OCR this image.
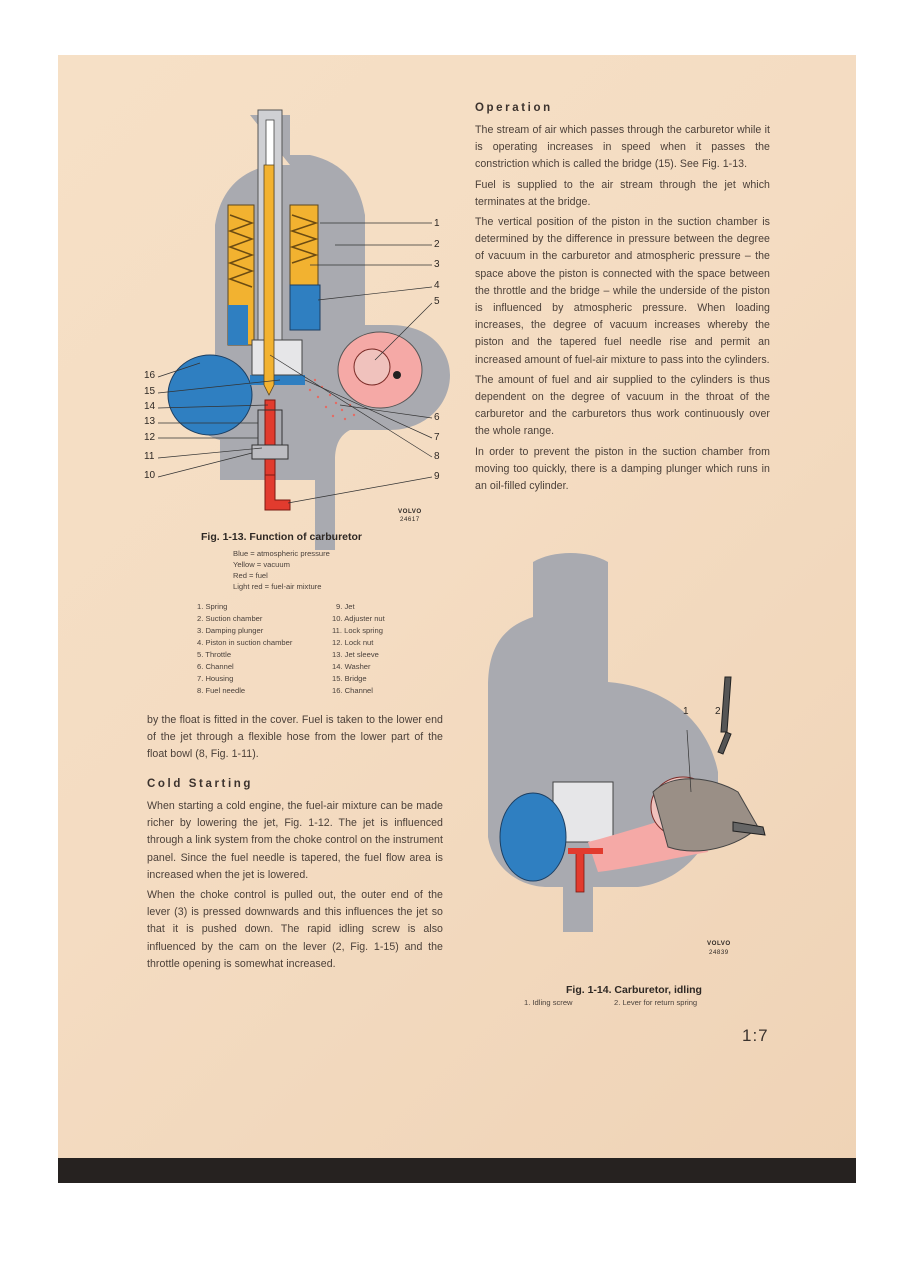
1
2
3
4
5
6
7
8
9
16
15
14
13
12
11
10
VOLVO
24617
Fig. 1-13. Function of carburetor
Blue = atmospheric pressure
Yellow = vacuum
Red = fuel
Light red = fuel-air mixture
1. Spring
2. Suction chamber
3. Damping plunger
4. Piston in suction chamber
5. Throttle
6. Channel
7. Housing
8. Fuel needle
9. Jet
10. Adjuster nut
11. Lock spring
12. Lock nut
13. Jet sleeve
14. Washer
15. Bridge
16. Channel

by the float is fitted in the cover. Fuel is taken to the lower end of the jet through a flexible hose from the lower part of the float bowl (8, Fig. 1-11).

Cold Starting

When starting a cold engine, the fuel-air mixture can be made richer by lowering the jet, Fig. 1-12. The jet is influenced through a link system from the choke control on the instrument panel. Since the fuel needle is tapered, the fuel flow area is increased when the jet is lowered.

When the choke control is pulled out, the outer end of the lever (3) is pressed downwards and this influences the jet so that it is pushed down. The rapid idling screw is also influenced by the cam on the lever (2, Fig. 1-15) and the throttle opening is somewhat increased.

Operation

The stream of air which passes through the carburetor while it is operating increases in speed when it passes the constriction which is called the bridge (15). See Fig. 1-13.

Fuel is supplied to the air stream through the jet which terminates at the bridge.

The vertical position of the piston in the suction chamber is determined by the difference in pressure between the degree of vacuum in the carburetor and atmospheric pressure – the space above the piston is connected with the space between the throttle and the bridge – while the underside of the piston is influenced by atmospheric pressure. When loading increases, the degree of vacuum increases whereby the piston and the tapered fuel needle rise and permit an increased amount of fuel-air mixture to pass into the cylinders.

The amount of fuel and air supplied to the cylinders is thus dependent on the degree of vacuum in the throat of the carburetor and the carburetors thus work continuously over the whole range.

In order to prevent the piston in the suction chamber from moving too quickly, there is a damping plunger which runs in an oil-filled cylinder.

1	2
VOLVO
24839
Fig. 1-14. Carburetor, idling
1. Idling screw	2. Lever for return spring
1:7
